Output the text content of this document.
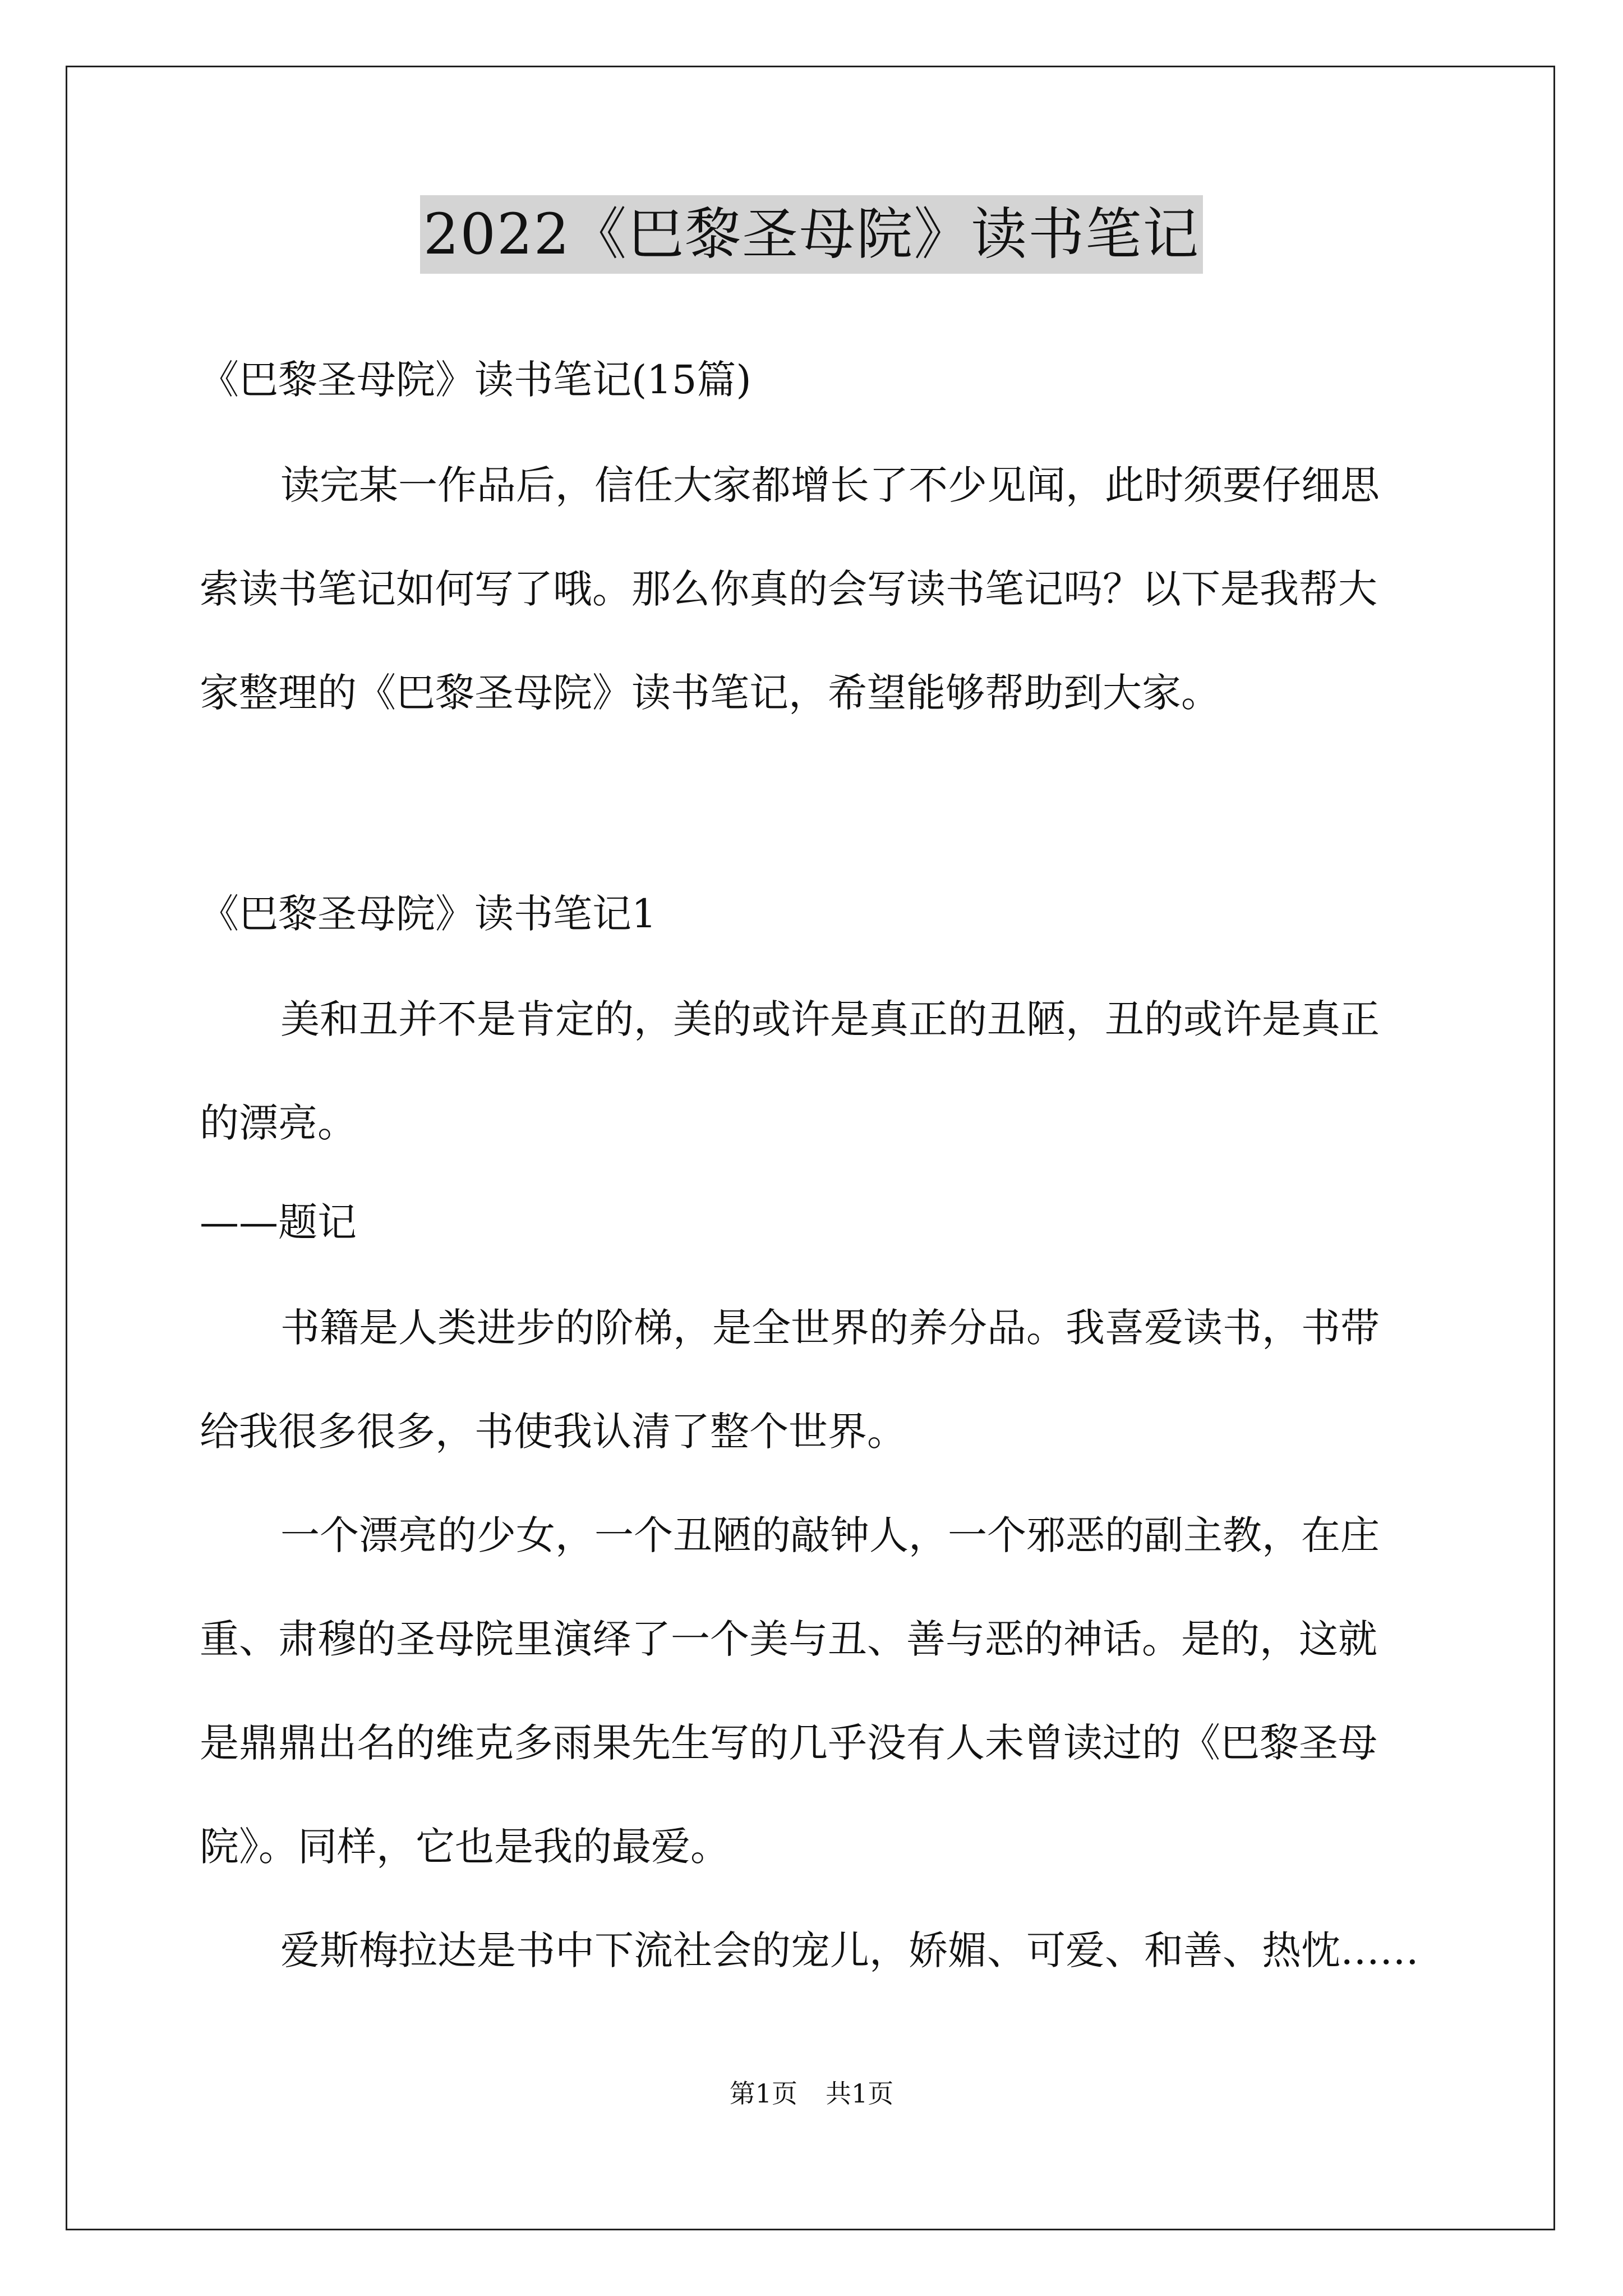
2022《巴黎圣母院》读书笔记
《巴黎圣母院》读书笔记(15篇)
读完某一作品后，信任大家都增长了不少见闻，此时须要仔细思
索读书笔记如何写了哦。那么你真的会写读书笔记吗？以下是我帮大
家整理的《巴黎圣母院》读书笔记，希望能够帮助到大家。
《巴黎圣母院》读书笔记1
美和丑并不是肯定的，美的或许是真正的丑陋，丑的或许是真正
的漂亮。
——题记
书籍是人类进步的阶梯，是全世界的养分品。我喜爱读书，书带
给我很多很多，书使我认清了整个世界。
一个漂亮的少女，一个丑陋的敲钟人，一个邪恶的副主教，在庄
重、肃穆的圣母院里演绎了一个美与丑、善与恶的神话。是的，这就
是鼎鼎出名的维克多雨果先生写的几乎没有人未曾读过的《巴黎圣母
院》。同样，它也是我的最爱。
爱斯梅拉达是书中下流社会的宠儿，娇媚、可爱、和善、热忱……
第1页 共1页
